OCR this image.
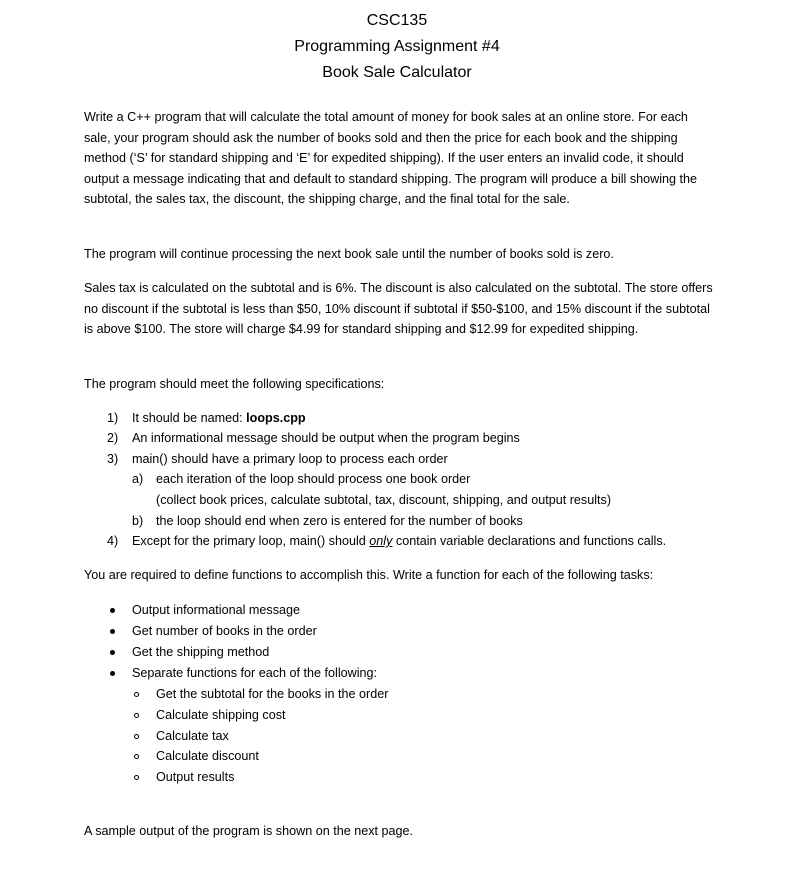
CSC135
Programming Assignment #4
Book Sale Calculator

Write a C++ program that will calculate the total amount of money for book sales at an online store. For each sale, your program should ask the number of books sold and then the price for each book and the shipping method (‘S’ for standard shipping and ‘E’ for expedited shipping). If the user enters an invalid code, it should output a message indicating that and default to standard shipping. The program will produce a bill showing the subtotal, the sales tax, the discount, the shipping charge, and the final total for the sale.

The program will continue processing the next book sale until the number of books sold is zero.

Sales tax is calculated on the subtotal and is 6%. The discount is also calculated on the subtotal. The store offers no discount if the subtotal is less than $50, 10% discount if subtotal if $50-$100, and 15% discount if the subtotal is above $100. The store will charge $4.99 for standard shipping and $12.99 for expedited shipping.

The program should meet the following specifications:
1) It should be named: loops.cpp
2) An informational message should be output when the program begins
3) main() should have a primary loop to process each order
a) each iteration of the loop should process one book order
(collect book prices, calculate subtotal, tax, discount, shipping, and output results)
b) the loop should end when zero is entered for the number of books
4) Except for the primary loop, main() should only contain variable declarations and functions calls.
You are required to define functions to accomplish this. Write a function for each of the following tasks:
Output informational message
Get number of books in the order
Get the shipping method
Separate functions for each of the following:
Get the subtotal for the books in the order
Calculate shipping cost
Calculate tax
Calculate discount
Output results
A sample output of the program is shown on the next page.
